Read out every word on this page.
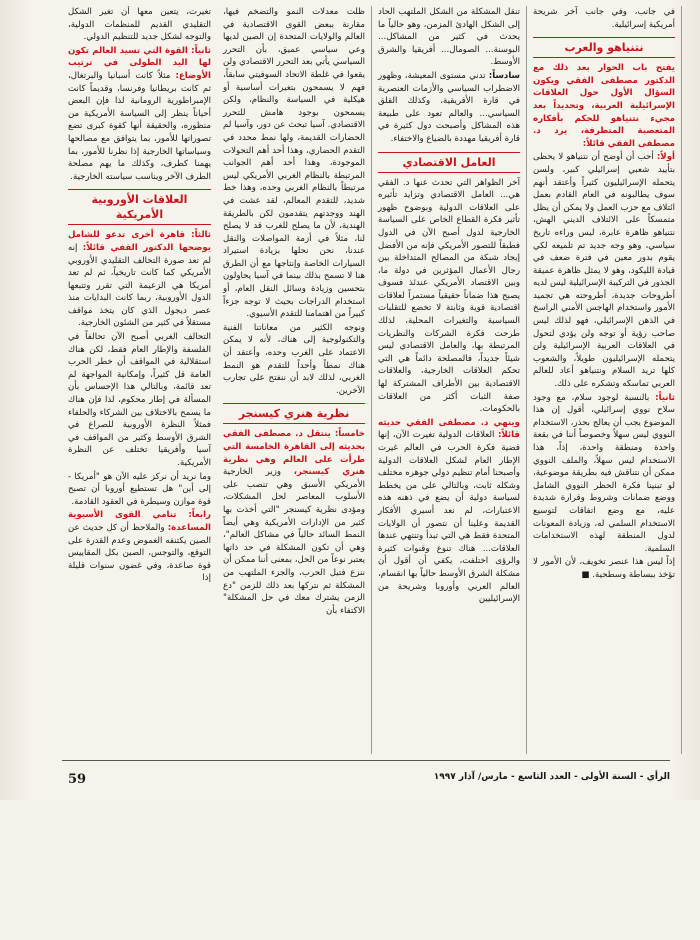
تغيرت، يتعين معها أن تغير الشكل التقليدي القديم للمنظمات الدولية، والتوجه لشكل جديد للتنظيم الدولي.

ثانياً: القوة التي تسيد العالم تكون لها اليد الطولى في ترتيب الأوضاع: مثلاً كانت أسبانيا والبرتغال، ثم كانت بريطانيا وفرنسا، وقديماً كانت الإمبراطورية الرومانية لذا فإن البعض أحياناً ينظر إلى السياسة الأمريكية من منظوره، والحقيقة أنها كقوة كبرى تضع تصوراتها للأمور، بما يتوافق مع مصالحها وسياساتها الخارجية إذا نظرنا للأمور، بما يهمنا كطرف، وكذلك ما يهم مصلحة الطرف الآخر ويناسب سياسته الخارجية.

العلاقات الأوروبية الأمريكية

ثالثاً: قاهرة أخرى تدعو للشامل يوضحها الدكتور القفي قائلاً: إنه لم تعد صورة التحالف التقليدي الأوروبي الأمريكي كما كانت تاريخياً، ثم لم تعد أمريكا هي الزعيمة التي تقرر وتتبعها الدول الأوروبية، ربما كانت البدايات منذ عصر ديجول الذي كان يتخذ مواقف مستقلاً في كثير من الشئون الخارجية.

التحالف الغربي أصبح الآن تحالفاً في الفلسفة والإطار العام فقط، لكن هناك استقلالية في المواقف أن خطر الحرب العامة قل كثيراً، وإمكانية المواجهة لم تعد قائمة، وبالتالي هذا الإحساس بأن المسألة في إطار محكوم، لذا فإن هناك ما يسمح بالاختلاف بين الشركاء والحلفاء فمثلاً النظرة الأوروبية للصراع في الشرق الأوسط وكثير من المواقف في آسيا وأفريقيا تختلف عن النظرة الأمريكية.

وما نريد أن نركز عليه الآن هو "أمريكا - إلى أين" هل تستطيع أوروبا أن تصبح قوة موازن وسيطرة في العقود القادمة.

رابعاً: تنامي القوى الأسيوية المساعدة: والملاحظ أن كل حديث عن الصين يكتنفه الغموض وعدم القدرة على التوقع، والتوجس، الصين بكل المقاييس قوة صاعدة، وفي غضون سنوات قليلة إذا

ظلت معدلات النمو والتضخم فيها، مقارنة ببعض القوى الاقتصادية في العالم والولايات المتحدة إن الصين لديها وعي سياسي عميق، بأن التحرر السياسي يأتي بعد التحرر الاقتصادي ولن يقعوا في غلطة الاتحاد السوفيتي سابقاً، فهم لا يسمحون بتغيرات أساسية أو هيكلية في السياسة والنظام، ولكن يسمحون بوجود هامش للتحرر الاقتصادي. آسيا تبحث عن دور، وآسيا لم الحضارات القديمة، ولها نمط محدد في التقدم الحضاري، وهذا أحد أهم التحولات الموجودة، وهذا أحد أهم الجوانب المرتبطة بالنظام الغربي الأمريكي ليس مرتبطاً بالنظام الغربي وحده، وهذا خط شديد، للتقدم المعالم، لقد عشت في الهند ووجدتهم يتقدمون لكن بالطريقة الهندية، لأن ما يصلح للغرب قد لا يصلح لنا، مثلاً في أزمة المواصلات والنقل عندنا، نحن نحلها بزيادة استيراد السيارات الخاصة وإنتاجها مع أن الطرق هنا لا تسمح بذلك بينما في آسيا يحاولون بتحسين وزيادة وسائل النقل العام، أو استخدام الدراجات بحيث لا توجه جزءاً كبيراً من اهتمامنا للتقدم الأسيوي.

ونوجه الكثير من معاناتنا الفنية والتكنولوجية إلى هناك، لأنه لا يمكن الاعتماد على الغرب وحده، وأعتقد أن هناك نمطاً وأحداً للتقدم هو النمط الغربي، لذلك لابد أن ننفتح على تجارب الآخرين.

نظرية هنري كيسنجر

خامساً: ينتقل د. مصطفى الفقي بحديثه إلى القاهرة الخامسة التي طرأت على العالم وهي نظرية هنري كيسنجر، وزير الخارجية الأمريكي الأسبق وهي تنصب على الأسلوب المعاصر لحل المشكلات، ومؤدى نظرية كيسنجر "التي أخذت بها كثير من الإدارات الأمريكية وهي أيضاً النمط السائد حالياً في مشاكل العالم"، وهي أن تكون المشكلة في حد ذاتها يعتبر نوعاً من الحل، بمعنى أننا ممكن أن ننزع فتيل الحرب، والجزء الملتهب من المشكلة ثم نتركها بعد ذلك للزمن "دع الزمن يشترك معك في حل المشكلة" الاكتفاء بأن

تنقل المشكلة من الشكل الملتهب الحاد إلى الشكل الهادئ المزمن، وهو حالياً ما يحدث في كثير من المشاكل... البوسنة... الصومال... أفريقيا والشرق الأوسط.

سادساً: تدني مستوى المعيشة، وظهور الاضطراب السياسي والأزمات العنصرية في قارة الأفريقية، وكذلك القلق السياسي... والعالم تعود على طبيعة هذه المشاكل وأصبحت دول كثيرة في قارة أفريقيا مهددة بالضياع والاختفاء.

العامل الاقتصادي

آخر الظواهر التي تحدث عنها د. الفقي هي... العامل الاقتصادي وتزايد تأثيره على العلاقات الدولية وبوضوح ظهور تأثير فكرة القطاع الخاص على السياسة الخارجية لدول أصبح الآن في الدول فطبقاً للتصور الأمريكي فإنه من الأفضل إيجاد شبكة من المصالح المتداخلة بين رجال الأعمال المؤثرين في دولة ما، وبين الاقتصاد الأمريكي عندئذ فسوف يصبح هذا ضماناً حقيقياً مستمراً لعلاقات اقتصادية قوية وثابتة لا تخضع للتقلبات السياسية والتغيرات المحلية، لذلك طرحت فكرة الشركات والنظريات المرتبطة بها، والعامل الاقتصادي ليس شيئاً جديداً، فالمصلحة دائماً هي التي تحكم العلاقات الخارجية، والعلاقات الاقتصادية بين الأطراف المشتركة لها صفة الثبات أكثر من العلاقات بالحكومات.

وينهي د. مصطفى الفقي حديثه قائلاً: العلاقات الدولية تغيرت الآن، إنها قضية فكرة الحرب في العالم غيرت الإطار العام لشكل العلاقات الدولية وأصبحنا أمام تنظيم دولي جوهره مختلف وشكله ثابت، وبالتالي على من يخطط لسياسة دولية أن يضع في ذهنه هذه الاعتبارات، لم نعد أسيري الأفكار القديمة وعلينا أن نتصور أن الولايات المتحدة فقط هي التي تبدأ وتنتهي عندها العلاقات... هناك تنوع وقنوات كثيرة والرؤى اختلفت، يكفي أن أقول أن مشكلة الشرق الأوسط حالياً بها انقسام، العالم العربي وأوروبا وشريحة من الإسرائيليين

في جانب، وفي جانب آخر شريحة أمريكية إسرائيلية.

نتنياهو والعرب

يفتح باب الحوار بعد ذلك مع الدكتور مصطفى الفقي ويكون السؤال الأول حول العلاقات الإسرائيلية العربية، وتحديداً بعد مجيء نتنياهو للحكم بأفكاره المتعصبة المتطرفة، يرد د. مصطفى الفقي قائلاً:

أولاً: أحب أن أوضح أن نتنياهو لا يحظى بتأييد شعبي إسرائيلي كبير، ولسن يتحمله الإسرائيليون كثيراً وأعتقد أنهم سوف يطالبونه في العام القادم بعمل ائتلاف مع حزب العمل ولا يمكن أن يظل متمسكاً على الائتلاف الديني الهش، نتنياهو ظاهرة عابرة، ليس وراءه تاريخ سياسي، وهو وجه جديد تم تلميعه لكي يقوم بدور معين في فترة ضعف في قيادة الليكود، وهو لا يمثل ظاهرة عميقة الجذور في التركيبة الإسرائيلية ليس لديه أطروحات جديدة، أطروحته هي تجميد الأمور واستخدام الهاجس الأمني الراسخ في الذهن الإسرائيلي، فهو لذلك ليس صاحب رؤية أو توجه ولن يؤدي لتحول في العلاقات العربية الإسرائيلية ولن يتحمله الإسرائيليون طويلاً، والشعوب كلها تريد السلام ونتنياهو أعاد للعالم العربي تماسكه وتشكره على ذلك.

ثانياً: بالنسبة لوجود سلام، مع وجود سلاح نووي إسرائيلي، أقول إن هذا الموضوع يجب أن يعالج بحذر، الاستخدام النووي ليس سهلاً وخصوصاً أننا في بقعة واحدة ومنطقة واحدة، إذاً، هذا الاستخدام ليس سهلاً، والملف النووي ممكن أن نتناقش فيه بطريقة موضوعية، لو تبنينا فكرة الحظر النووي الشامل ووضع ضمانات وشروط وقرارة شديدة عليه، مع وضع اتفاقات لتوسيع الاستخدام السلمي له، وزيادة المعونات لدول المنطقة لهذه الاستخدامات السلمية.

إذاً ليس هذا عنصر تخويف، لأن الأمور لا تؤخذ ببساطة وسطحية. ■

59	الرأي - السنة الأولى - العدد التاسع - مارس/ آذار ١٩٩٧
